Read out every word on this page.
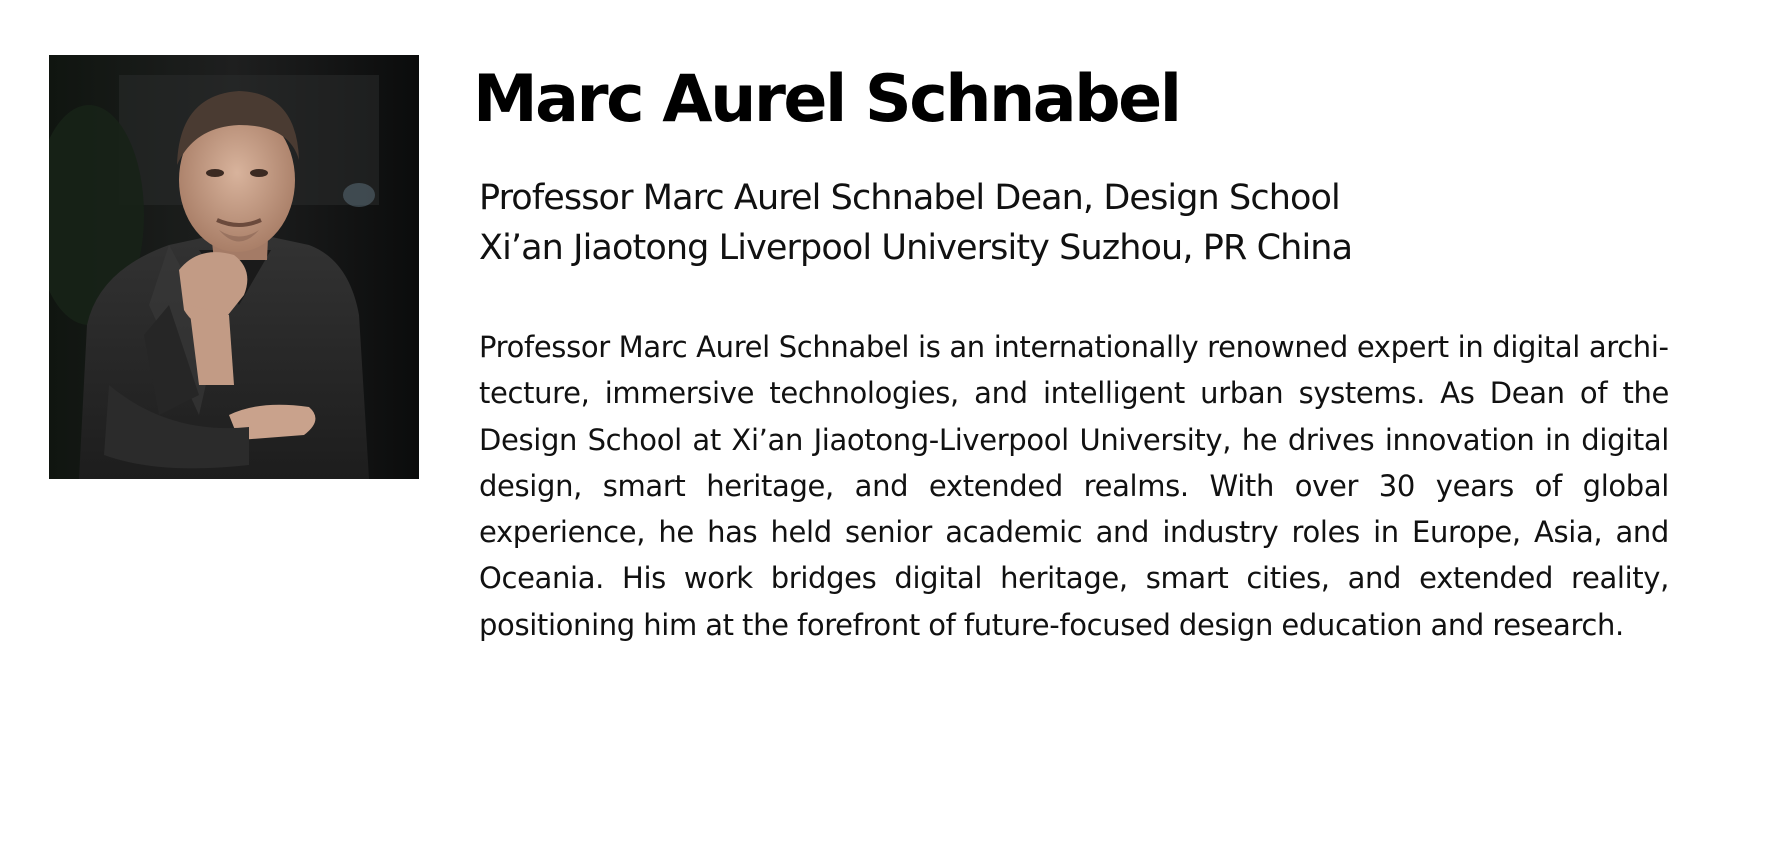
Marc Aurel Schnabel
Professor Marc Aurel Schnabel Dean, Design School
Xi’an Jiaotong Liverpool University Suzhou, PR China

Professor Marc Aurel Schnabel is an internationally renowned expert in digital architecture, immersive technologies, and intelligent urban systems. As Dean of the Design School at Xi’an Jiaotong-Liverpool University, he drives innovation in digital design, smart heritage, and extended realms. With over 30 years of global experience, he has held senior academic and industry roles in Europe, Asia, and Oceania. His work bridges digital heritage, smart cities, and extended reality, positioning him at the forefront of future-focused design education and research.
